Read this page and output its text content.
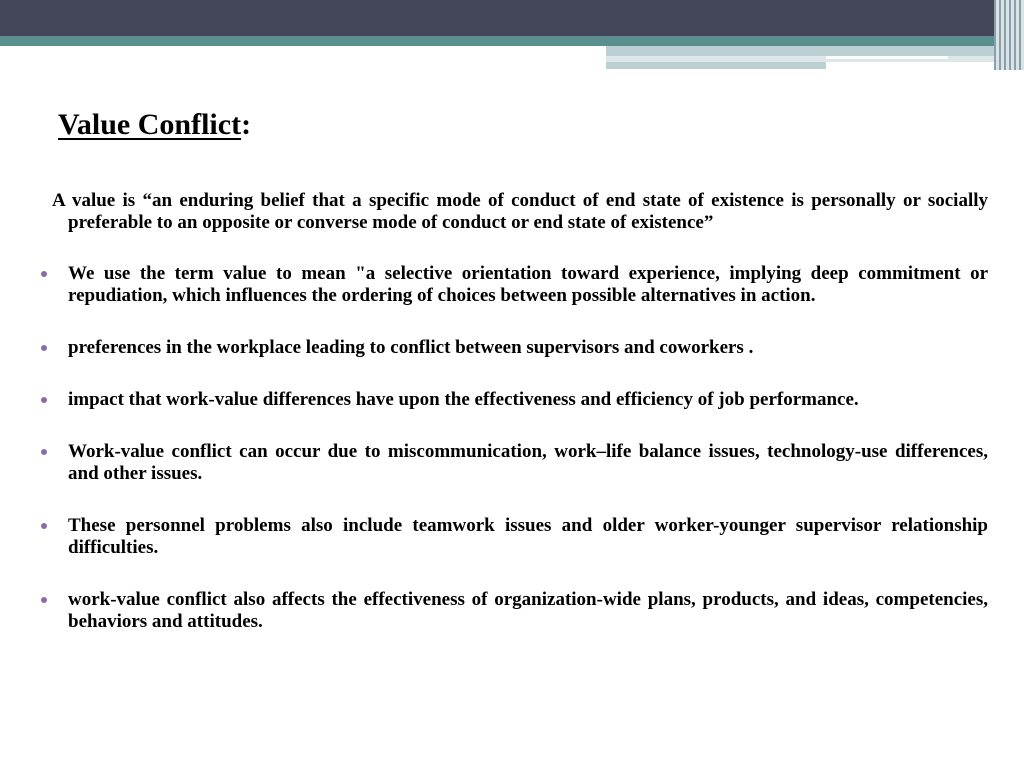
Value Conflict:

A value is “an enduring belief that a specific mode of conduct of end state of existence is personally or socially preferable to an opposite or converse mode of conduct or end state of existence”

We use the term value to mean "a selective orientation toward experience, implying deep commitment or repudiation, which influences the ordering of choices between possible alternatives in action.
preferences in the workplace leading to conflict between supervisors and coworkers .
impact that work-value differences have upon the effectiveness and efficiency of job performance.
Work-value conflict can occur due to miscommunication, work–life balance issues, technology-use differences, and other issues.
These personnel problems also include teamwork issues and older worker-younger supervisor relationship difficulties.
work-value conflict also affects the effectiveness of organization-wide plans, products, and ideas, competencies, behaviors and attitudes.
